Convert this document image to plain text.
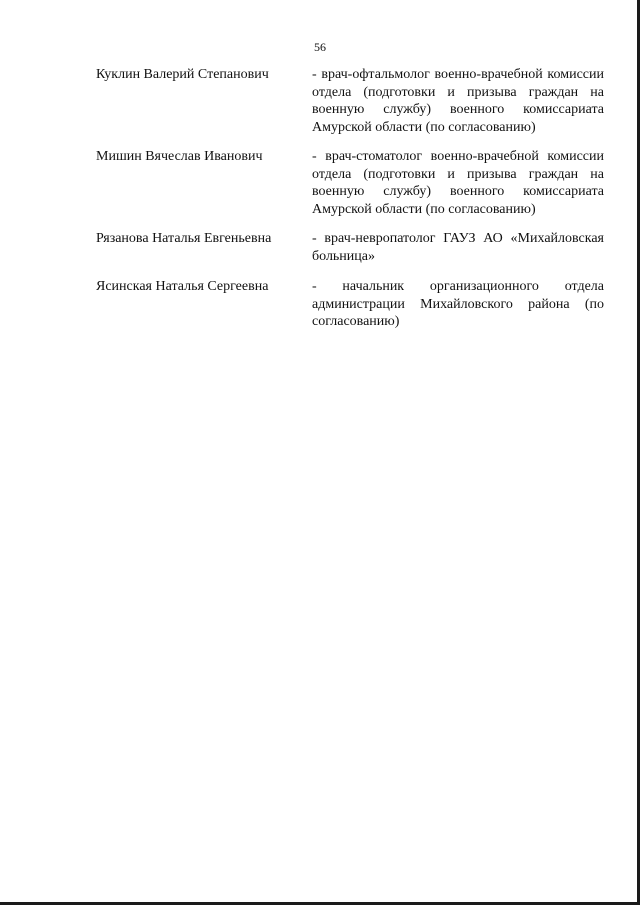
56
Куклин Валерий Степанович	- врач-офтальмолог военно-врачебной комиссии отдела (подготовки и призыва граждан на военную службу) военного комиссариата Амурской области (по согласованию)
Мишин Вячеслав Иванович	- врач-стоматолог военно-врачебной комиссии отдела (подготовки и призыва граждан на военную службу) военного комиссариата Амурской области (по согласованию)
Рязанова Наталья Евгеньевна	- врач-невропатолог ГАУЗ АО «Михайловская больница»
Ясинская Наталья Сергеевна	- начальник организационного отдела администрации Михайловского района (по согласованию)
